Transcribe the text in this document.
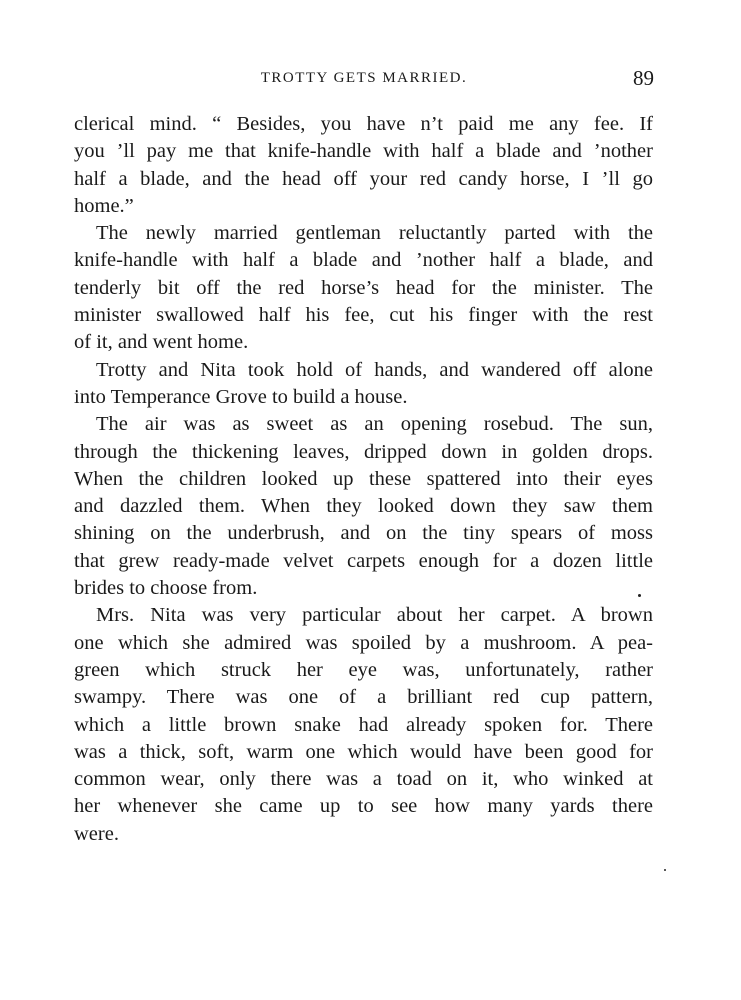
TROTTY GETS MARRIED.	89
clerical mind. “ Besides, you have n’t paid me any fee. If
you ’ll pay me that knife-handle with half a blade and ’nother
half a blade, and the head off your red candy horse, I ’ll go
home.”
The newly married gentleman reluctantly parted with the
knife-handle with half a blade and ’nother half a blade, and
tenderly bit off the red horse’s head for the minister. The
minister swallowed half his fee, cut his finger with the rest
of it, and went home.
Trotty and Nita took hold of hands, and wandered off alone
into Temperance Grove to build a house.
The air was as sweet as an opening rosebud. The sun,
through the thickening leaves, dripped down in golden drops.
When the children looked up these spattered into their eyes
and dazzled them. When they looked down they saw them
shining on the underbrush, and on the tiny spears of moss
that grew ready-made velvet carpets enough for a dozen little
brides to choose from.
Mrs. Nita was very particular about her carpet. A brown
one which she admired was spoiled by a mushroom. A pea-
green which struck her eye was, unfortunately, rather
swampy. There was one of a brilliant red cup pattern,
which a little brown snake had already spoken for. There
was a thick, soft, warm one which would have been good for
common wear, only there was a toad on it, who winked at
her whenever she came up to see how many yards there
were.
